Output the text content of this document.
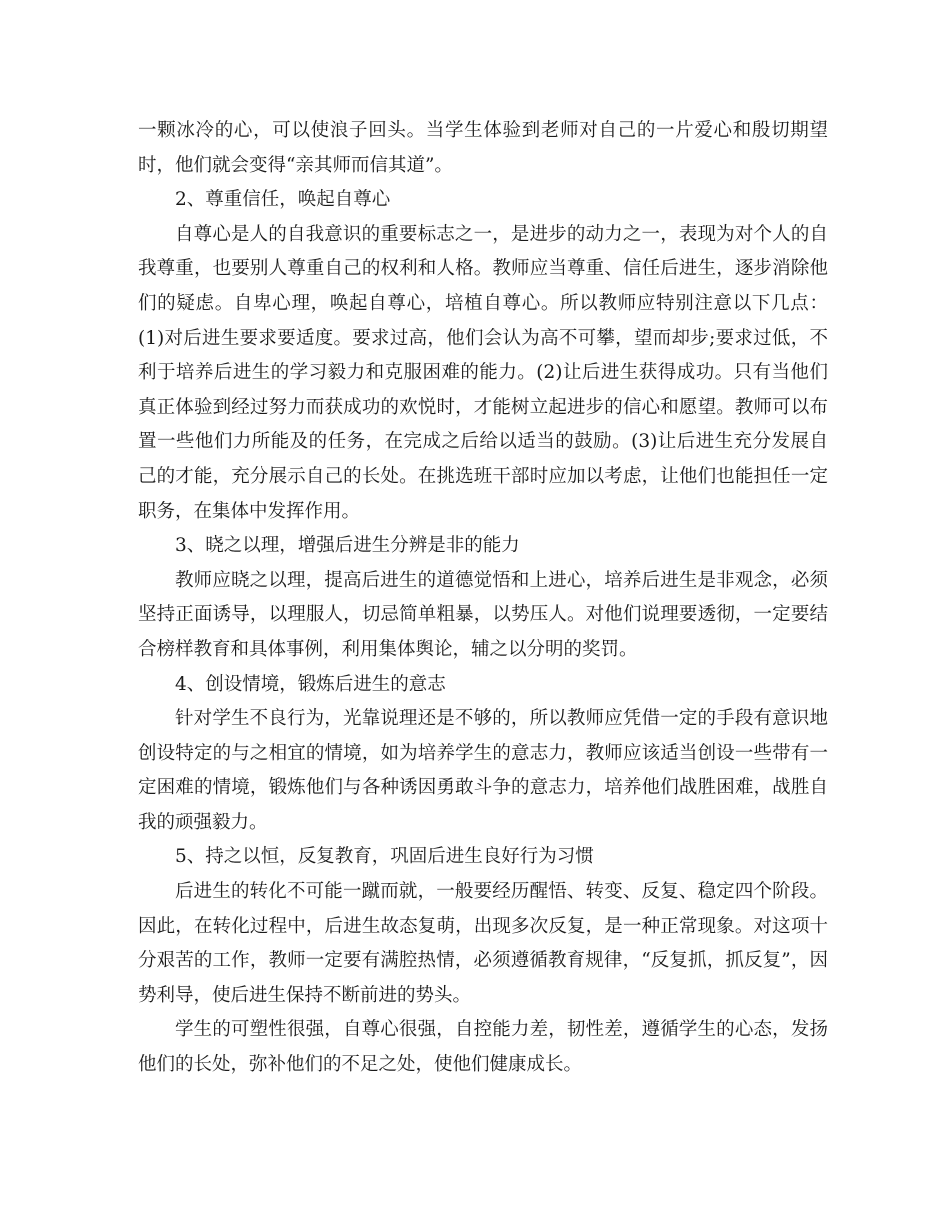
一颗冰冷的心，可以使浪子回头。当学生体验到老师对自己的一片爱心和殷切期望时，他们就会变得“亲其师而信其道”。

2、尊重信任，唤起自尊心

自尊心是人的自我意识的重要标志之一，是进步的动力之一，表现为对个人的自我尊重，也要别人尊重自己的权利和人格。教师应当尊重、信任后进生，逐步消除他们的疑虑。自卑心理，唤起自尊心，培植自尊心。所以教师应特别注意以下几点：(1)对后进生要求要适度。要求过高，他们会认为高不可攀，望而却步;要求过低，不利于培养后进生的学习毅力和克服困难的能力。(2)让后进生获得成功。只有当他们真正体验到经过努力而获成功的欢悦时，才能树立起进步的信心和愿望。教师可以布置一些他们力所能及的任务，在完成之后给以适当的鼓励。(3)让后进生充分发展自己的才能，充分展示自己的长处。在挑选班干部时应加以考虑，让他们也能担任一定职务，在集体中发挥作用。

3、晓之以理，增强后进生分辨是非的能力

教师应晓之以理，提高后进生的道德觉悟和上进心，培养后进生是非观念，必须坚持正面诱导，以理服人，切忌简单粗暴，以势压人。对他们说理要透彻，一定要结合榜样教育和具体事例，利用集体舆论，辅之以分明的奖罚。

4、创设情境，锻炼后进生的意志

针对学生不良行为，光靠说理还是不够的，所以教师应凭借一定的手段有意识地创设特定的与之相宜的情境，如为培养学生的意志力，教师应该适当创设一些带有一定困难的情境，锻炼他们与各种诱因勇敢斗争的意志力，培养他们战胜困难，战胜自我的顽强毅力。

5、持之以恒，反复教育，巩固后进生良好行为习惯

后进生的转化不可能一蹴而就，一般要经历醒悟、转变、反复、稳定四个阶段。因此，在转化过程中，后进生故态复萌，出现多次反复，是一种正常现象。对这项十分艰苦的工作，教师一定要有满腔热情，必须遵循教育规律，“反复抓，抓反复”，因势利导，使后进生保持不断前进的势头。

学生的可塑性很强，自尊心很强，自控能力差，韧性差，遵循学生的心态，发扬他们的长处，弥补他们的不足之处，使他们健康成长。
